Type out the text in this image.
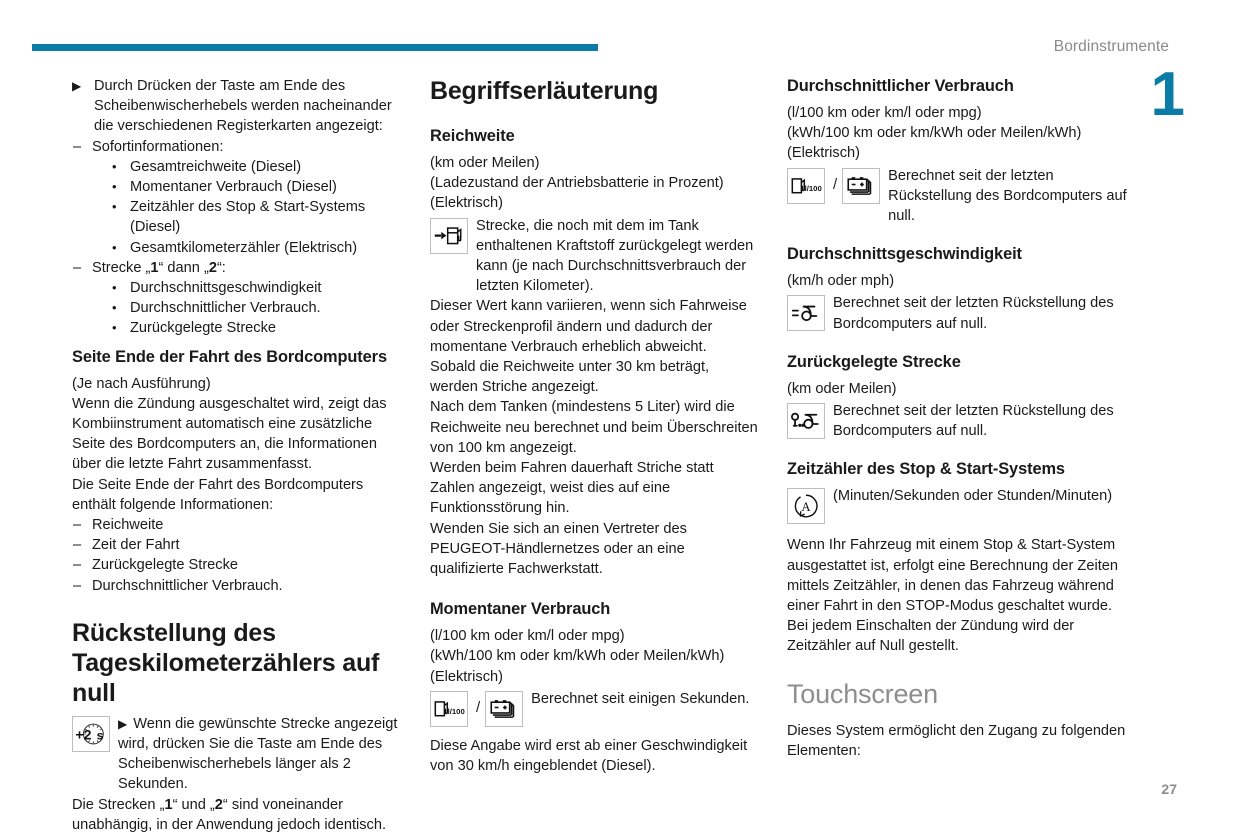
Bordinstrumente
1
27
▶ Durch Drücken der Taste am Ende des Scheibenwischerhebels werden nacheinander die verschiedenen Registerkarten angezeigt:
– Sofortinformationen:
• Gesamtreichweite (Diesel)
• Momentaner Verbrauch (Diesel)
• Zeitzähler des Stop & Start-Systems (Diesel)
• Gesamtkilometerzähler (Elektrisch)
– Strecke „1“ dann „2“:
• Durchschnittsgeschwindigkeit
• Durchschnittlicher Verbrauch.
• Zurückgelegte Strecke
Seite Ende der Fahrt des Bordcomputers

(Je nach Ausführung)

Wenn die Zündung ausgeschaltet wird, zeigt das Kombiinstrument automatisch eine zusätzliche Seite des Bordcomputers an, die Informationen über die letzte Fahrt zusammenfasst.

Die Seite Ende der Fahrt des Bordcomputers enthält folgende Informationen:

– Reichweite
– Zeit der Fahrt
– Zurückgelegte Strecke
– Durchschnittlicher Verbrauch.
Rückstellung des Tageskilometerzählers auf null
+2 s
▶ Wenn die gewünschte Strecke angezeigt wird, drücken Sie die Taste am Ende des Scheibenwischerhebels länger als 2 Sekunden.

Die Strecken „1“ und „2“ sind voneinander unabhängig, in der Anwendung jedoch identisch.

Begriffserläuterung
Reichweite

(km oder Meilen)

(Ladezustand der Antriebsbatterie in Prozent)

(Elektrisch)

Strecke, die noch mit dem im Tank enthaltenen Kraftstoff zurückgelegt werden kann (je nach Durchschnittsverbrauch der letzten Kilometer).

Dieser Wert kann variieren, wenn sich Fahrweise oder Streckenprofil ändern und dadurch der momentane Verbrauch erheblich abweicht.

Sobald die Reichweite unter 30 km beträgt, werden Striche angezeigt.

Nach dem Tanken (mindestens 5 Liter) wird die Reichweite neu berechnet und beim Überschreiten von 100 km angezeigt.

Werden beim Fahren dauerhaft Striche statt Zahlen angezeigt, weist dies auf eine Funktionsstörung hin.

Wenden Sie sich an einen Vertreter des PEUGEOT-Händlernetzes oder an eine qualifizierte Fachwerkstatt.

Momentaner Verbrauch

(l/100 km oder km/l oder mpg)

(kWh/100 km oder km/kWh oder Meilen/kWh)

(Elektrisch)

l/100 /	Berechnet seit einigen Sekunden.

Diese Angabe wird erst ab einer Geschwindigkeit von 30 km/h eingeblendet (Diesel).

Durchschnittlicher Verbrauch

(l/100 km oder km/l oder mpg)

(kWh/100 km oder km/kWh oder Meilen/kWh)

(Elektrisch)

l/100 /	Berechnet seit der letzten Rückstellung des Bordcomputers auf null.
Durchschnittsgeschwindigkeit

(km/h oder mph)

Berechnet seit der letzten Rückstellung des Bordcomputers auf null.
Zurückgelegte Strecke

(km oder Meilen)

Berechnet seit der letzten Rückstellung des Bordcomputers auf null.
Zeitzähler des Stop & Start-Systems
A
(Minuten/Sekunden oder Stunden/Minuten)

Wenn Ihr Fahrzeug mit einem Stop & Start-System ausgestattet ist, erfolgt eine Berechnung der Zeiten mittels Zeitzähler, in denen das Fahrzeug während einer Fahrt in den STOP-Modus geschaltet wurde.

Bei jedem Einschalten der Zündung wird der Zeitzähler auf Null gestellt.

Touchscreen

Dieses System ermöglicht den Zugang zu folgenden Elementen:
